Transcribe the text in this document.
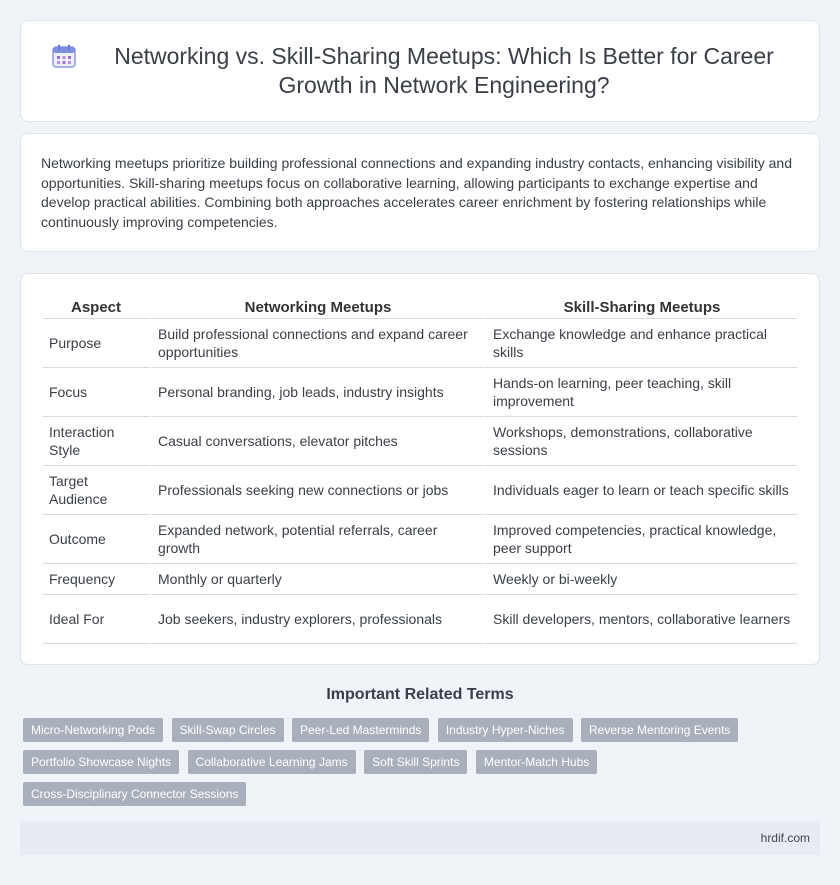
Networking vs. Skill-Sharing Meetups: Which Is Better for Career Growth in Network Engineering?

Networking meetups prioritize building professional connections and expanding industry contacts, enhancing visibility and opportunities. Skill-sharing meetups focus on collaborative learning, allowing participants to exchange expertise and develop practical abilities. Combining both approaches accelerates career enrichment by fostering relationships while continuously improving competencies.

Aspect	Networking Meetups	Skill-Sharing Meetups
Purpose	Build professional connections and expand career opportunities	Exchange knowledge and enhance practical skills
Focus	Personal branding, job leads, industry insights	Hands-on learning, peer teaching, skill improvement
Interaction Style	Casual conversations, elevator pitches	Workshops, demonstrations, collaborative sessions
Target Audience	Professionals seeking new connections or jobs	Individuals eager to learn or teach specific skills
Outcome	Expanded network, potential referrals, career growth	Improved competencies, practical knowledge, peer support
Frequency	Monthly or quarterly	Weekly or bi-weekly
Ideal For	Job seekers, industry explorers, professionals	Skill developers, mentors, collaborative learners
Important Related Terms
Micro-Networking Pods Skill-Swap Circles Peer-Led Masterminds Industry Hyper-Niches Reverse Mentoring Events
Portfolio Showcase Nights Collaborative Learning Jams Soft Skill Sprints Mentor-Match Hubs
Cross-Disciplinary Connector Sessions
hrdif.com
